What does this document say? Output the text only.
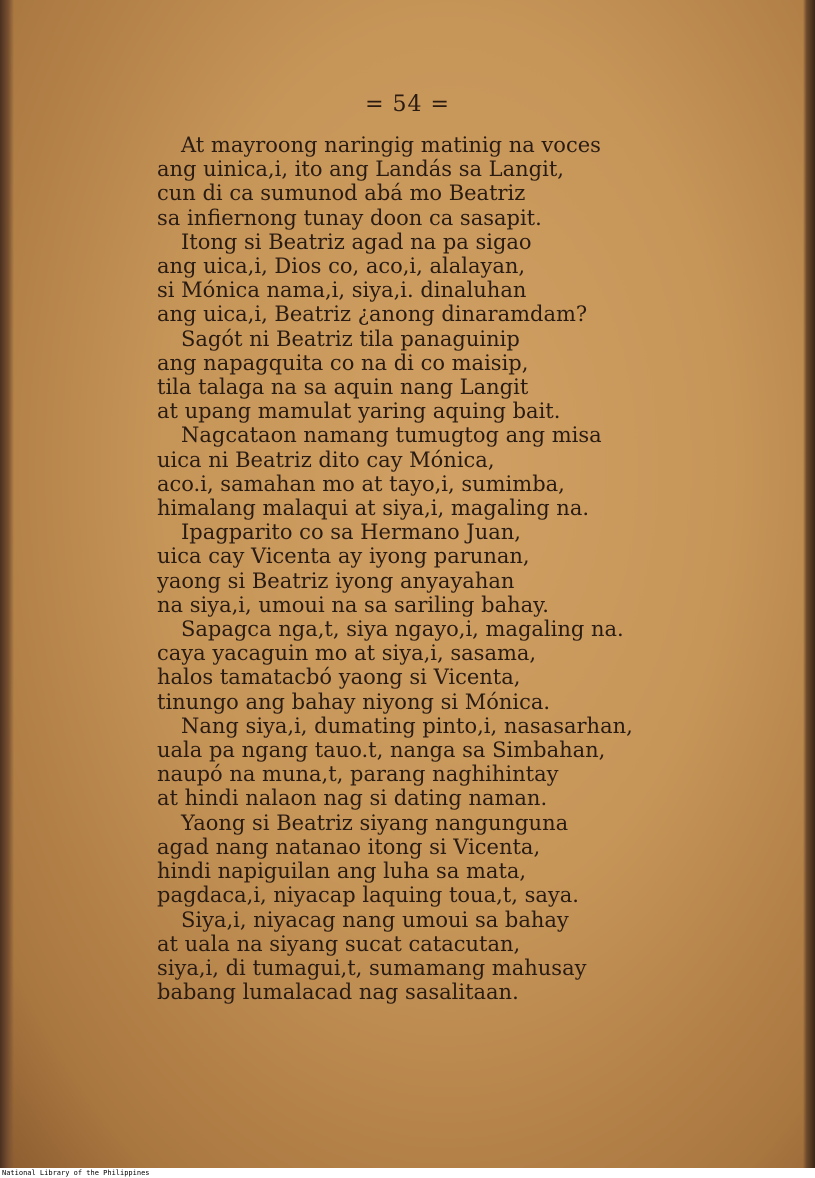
= 54 =
At mayroong naringig matinig na voces
ang uinica,i, ito ang Landás sa Langit,
cun di ca sumunod abá mo Beatriz
sa infiernong tunay doon ca sasapit.
Itong si Beatriz agad na pa sigao
ang uica,i, Dios co, aco,i, alalayan,
si Mónica nama,i, siya,i. dinaluhan
ang uica,i, Beatriz ¿anong dinaramdam?
Sagót ni Beatriz tila panaguinip
ang napagquita co na di co maisip,
tila talaga na sa aquin nang Langit
at upang mamulat yaring aquing bait.
Nagcataon namang tumugtog ang misa
uica ni Beatriz dito cay Mónica,
aco.i, samahan mo at tayo,i, sumimba,
himalang malaqui at siya,i, magaling na.
Ipagparito co sa Hermano Juan,
uica cay Vicenta ay iyong parunan,
yaong si Beatriz iyong anyayahan
na siya,i, umoui na sa sariling bahay.
Sapagca nga,t, siya ngayo,i, magaling na.
caya yacaguin mo at siya,i, sasama,
halos tamatacbó yaong si Vicenta,
tinungo ang bahay niyong si Mónica.
Nang siya,i, dumating pinto,i, nasasarhan,
uala pa ngang tauo.t, nanga sa Simbahan,
naupó na muna,t, parang naghihintay
at hindi nalaon nag si dating naman.
Yaong si Beatriz siyang nangunguna
agad nang natanao itong si Vicenta,
hindi napiguilan ang luha sa mata,
pagdaca,i, niyacap laquing toua,t, saya.
Siya,i, niyacag nang umoui sa bahay
at uala na siyang sucat catacutan,
siya,i, di tumagui,t, sumamang mahusay
babang lumalacad nag sasalitaan.
National Library of the Philippines
